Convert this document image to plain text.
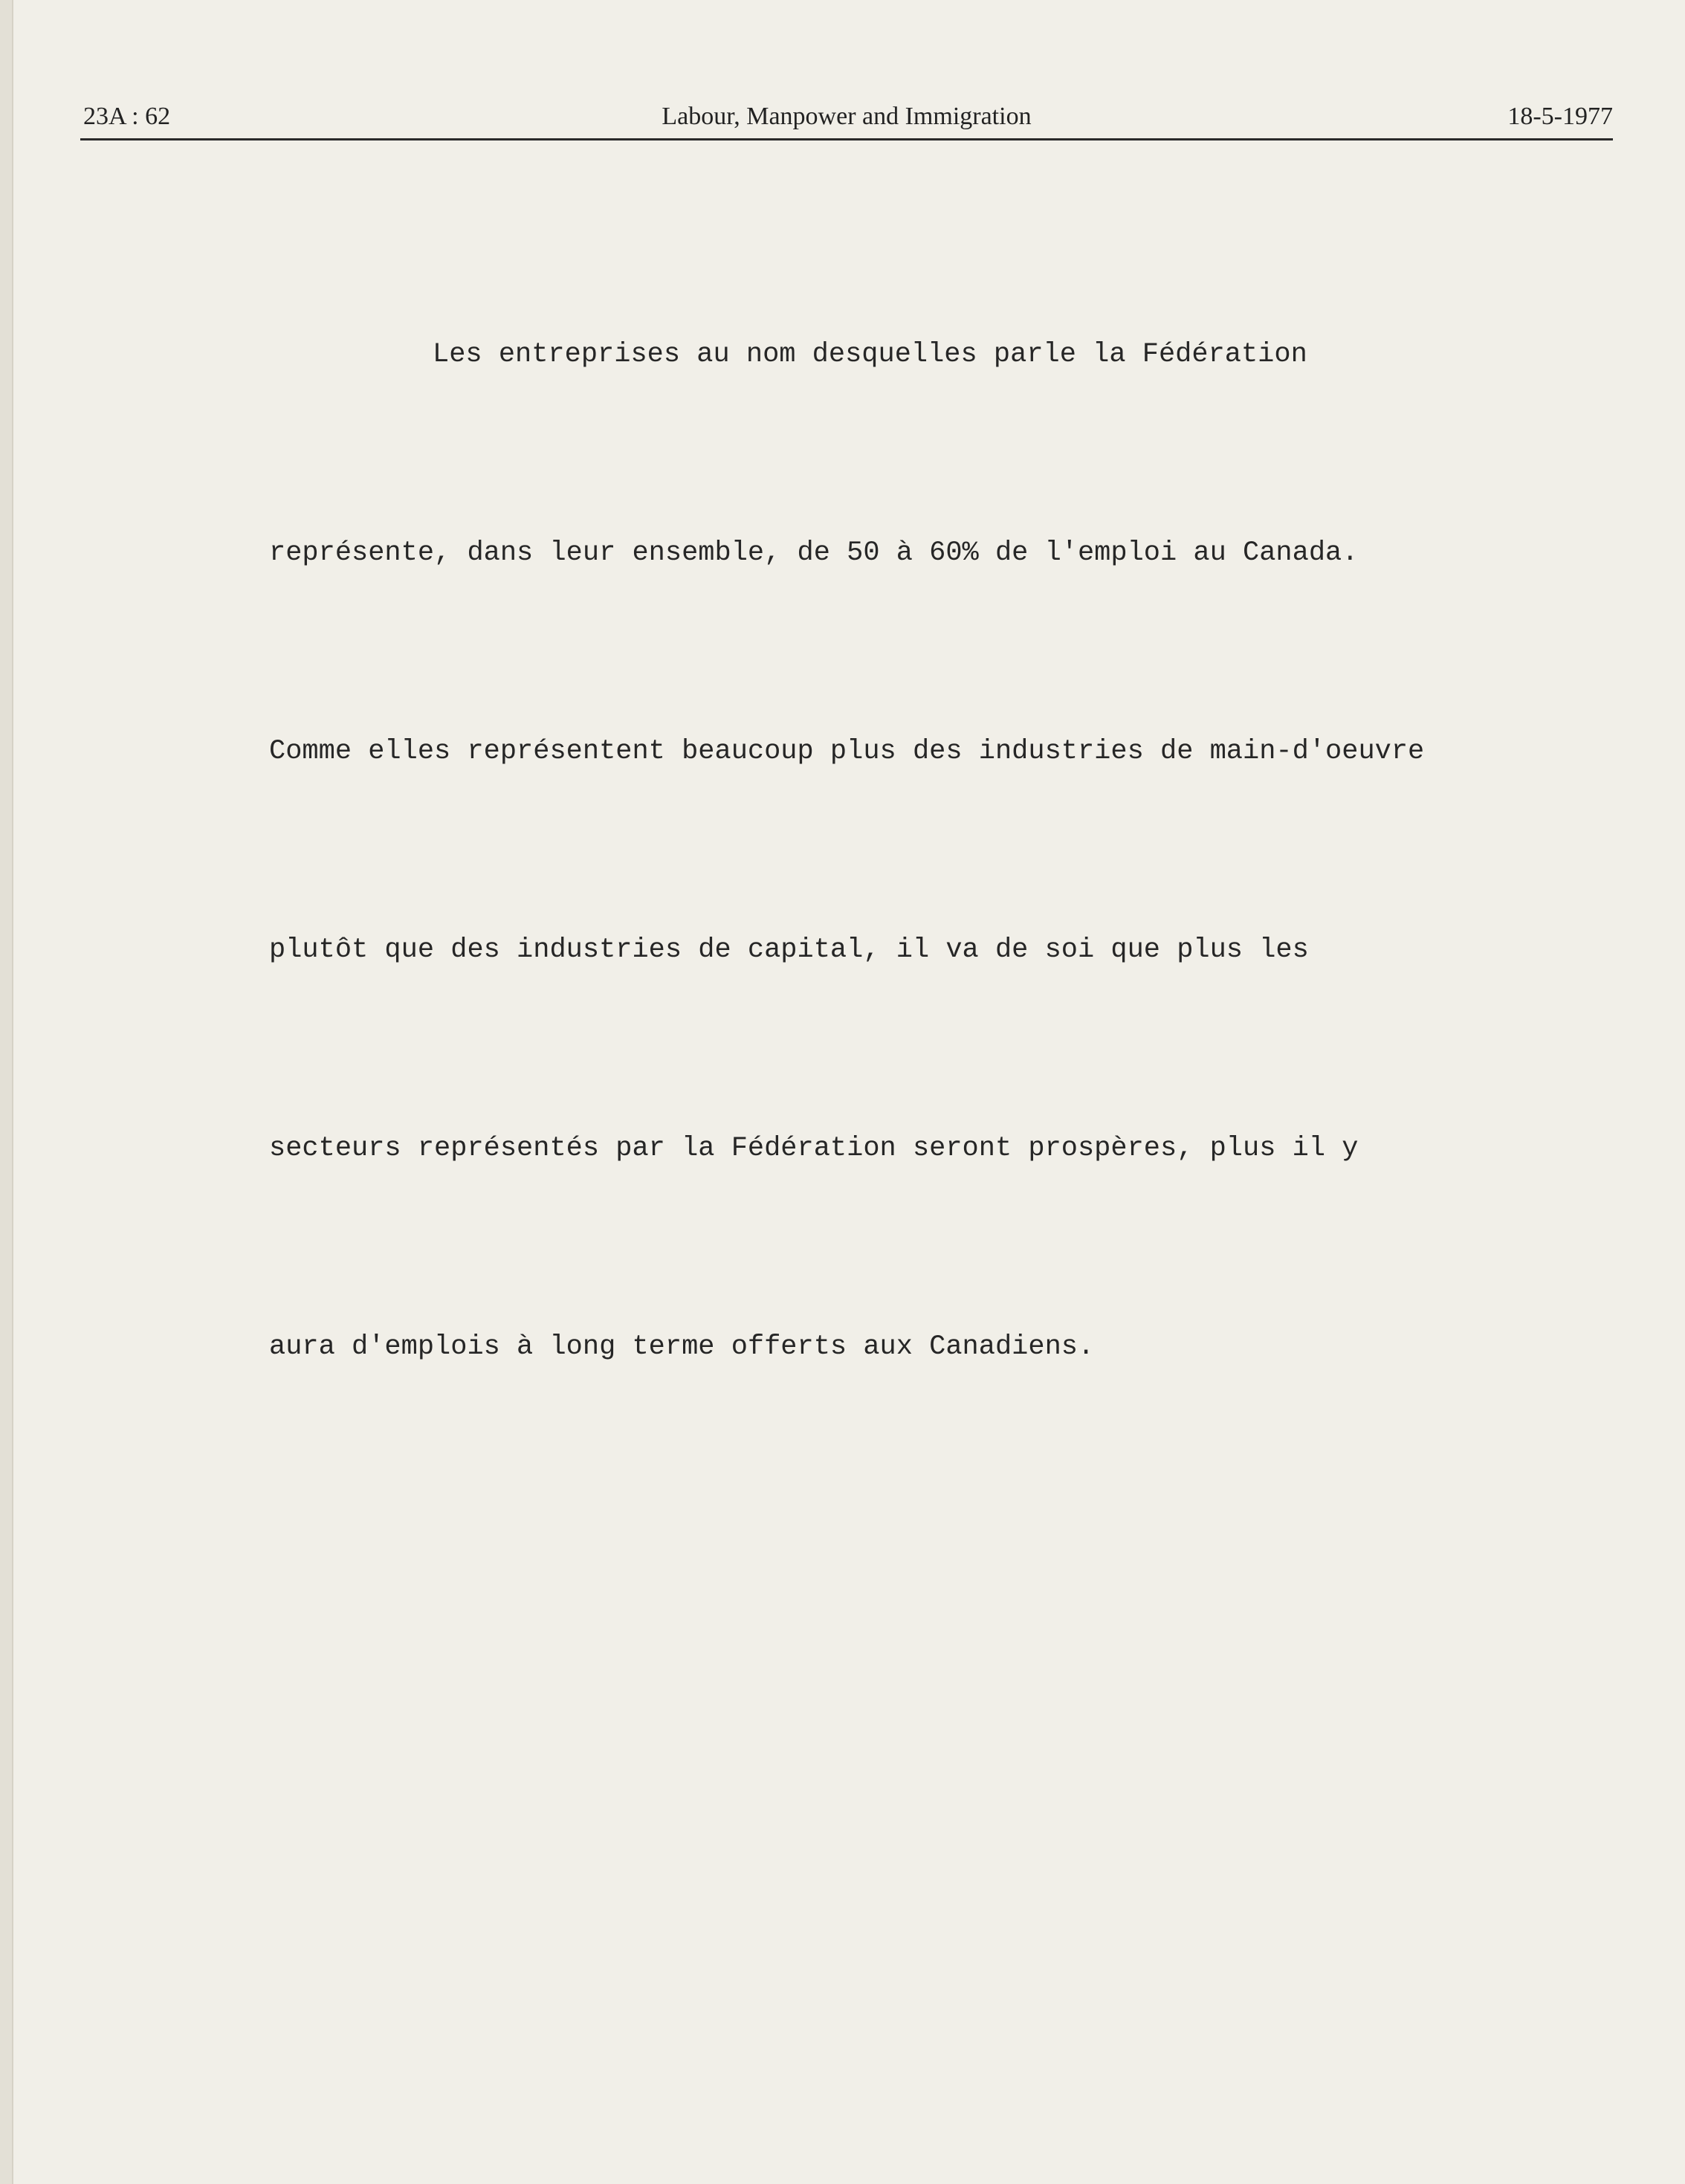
23A : 62	Labour, Manpower and Immigration	18-5-1977

Les entreprises au nom desquelles parle la Fédération

représente, dans leur ensemble, de 50 à 60% de l'emploi au Canada.

Comme elles représentent beaucoup plus des industries de main-d'oeuvre

plutôt que des industries de capital, il va de soi que plus les

secteurs représentés par la Fédération seront prospères, plus il y

aura d'emplois à long terme offerts aux Canadiens.
